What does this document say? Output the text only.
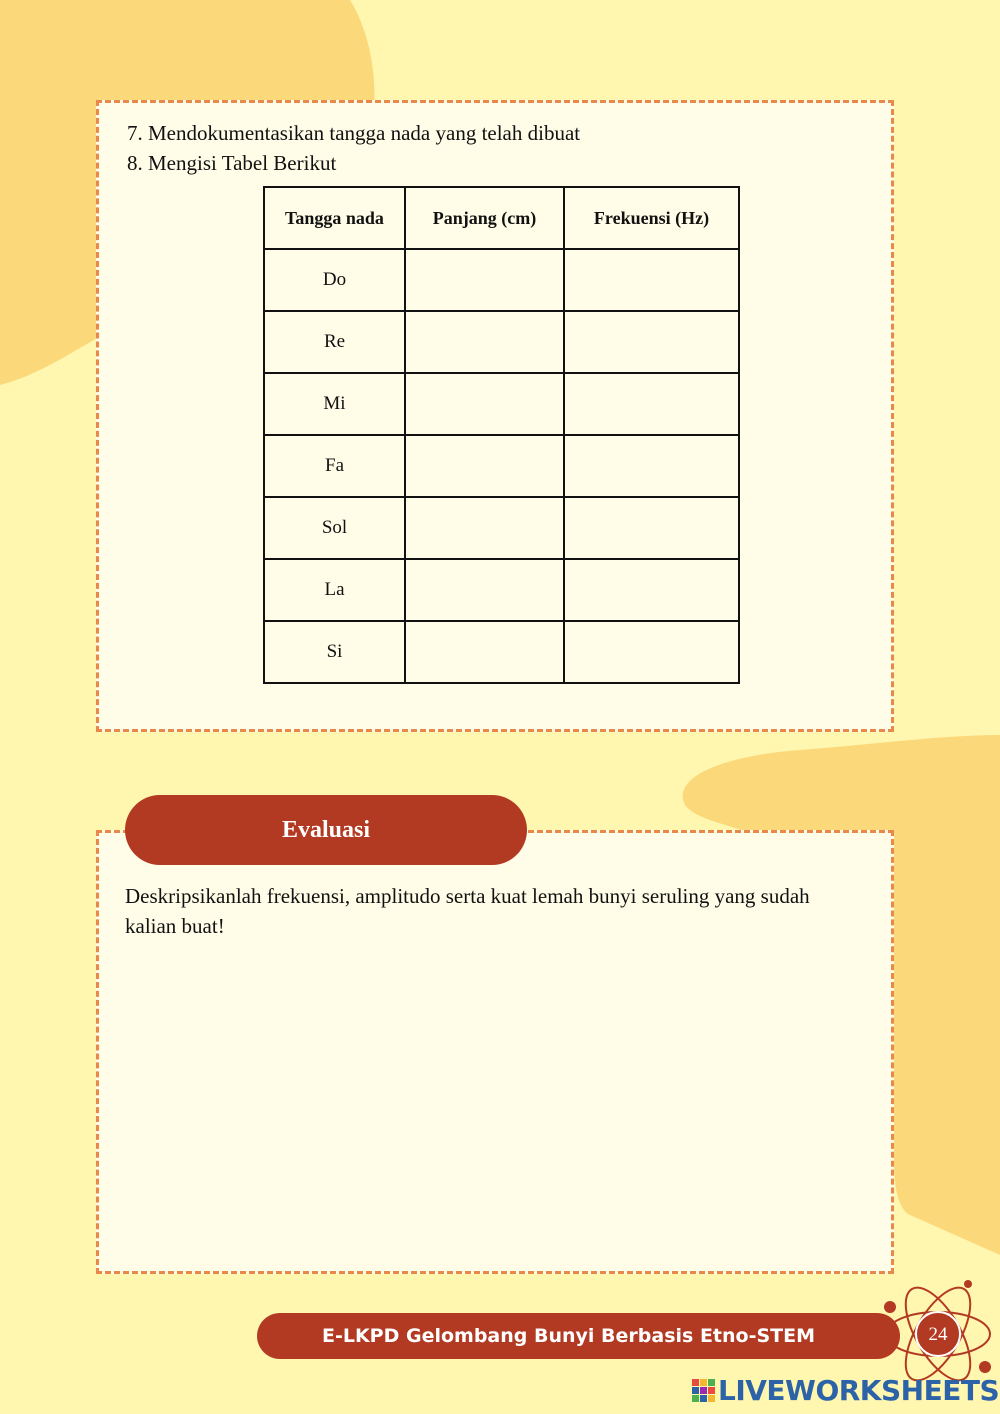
7. Mendokumentasikan tangga nada yang telah dibuat
8. Mengisi Tabel Berikut
Tangga nada	Panjang (cm)	Frekuensi (Hz)
Do		
Re		
Mi		
Fa		
Sol		
La		
Si		
Deskripsikanlah frekuensi, amplitudo serta kuat lemah bunyi seruling yang sudah kalian buat!
Evaluasi
E-LKPD Gelombang Bunyi Berbasis Etno-STEM	24
LIVEWORKSHEETS
